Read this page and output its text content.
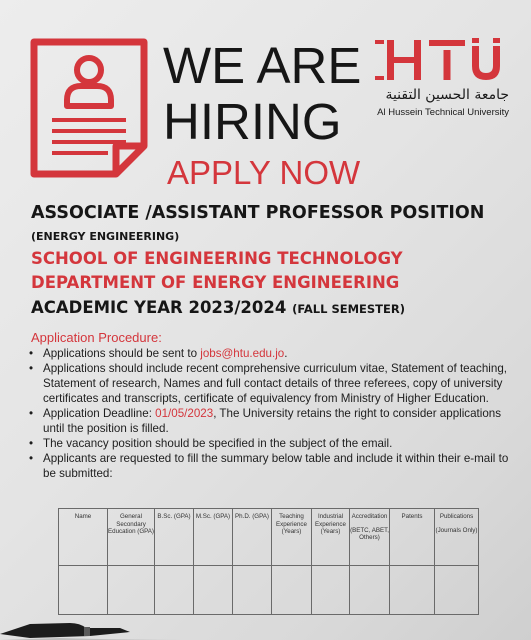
WE ARE
HIRING
APPLY NOW
جامعة الحسين التقنية
Al Hussein Technical University
ASSOCIATE /ASSISTANT PROFESSOR POSITION
(ENERGY ENGINEERING)
SCHOOL OF ENGINEERING TECHNOLOGY
DEPARTMENT OF ENERGY ENGINEERING
ACADEMIC YEAR 2023/2024 (FALL SEMESTER)
Application Procedure:
• Applications should be sent to jobs@htu.edu.jo.
• Applications should include recent comprehensive curriculum vitae, Statement of teaching, Statement of research, Names and full contact details of three referees, copy of university certificates and transcripts, certificate of equivalency from Ministry of Higher Education.
• Application Deadline: 01/05/2023, The University retains the right to consider applications until the position is filled.
• The vacancy position should be specified in the subject of the email.
• Applicants are requested to fill the summary below table and include it within their e-mail to be submitted:
Name	General Secondary Education (GPA)	B.Sc. (GPA)	M.Sc. (GPA)	Ph.D. (GPA)	Teaching Experience (Years)	Industrial Experience (Years)	Accreditation
(BETC, ABET, Others)	Patents	Publications
(Journals Only)
